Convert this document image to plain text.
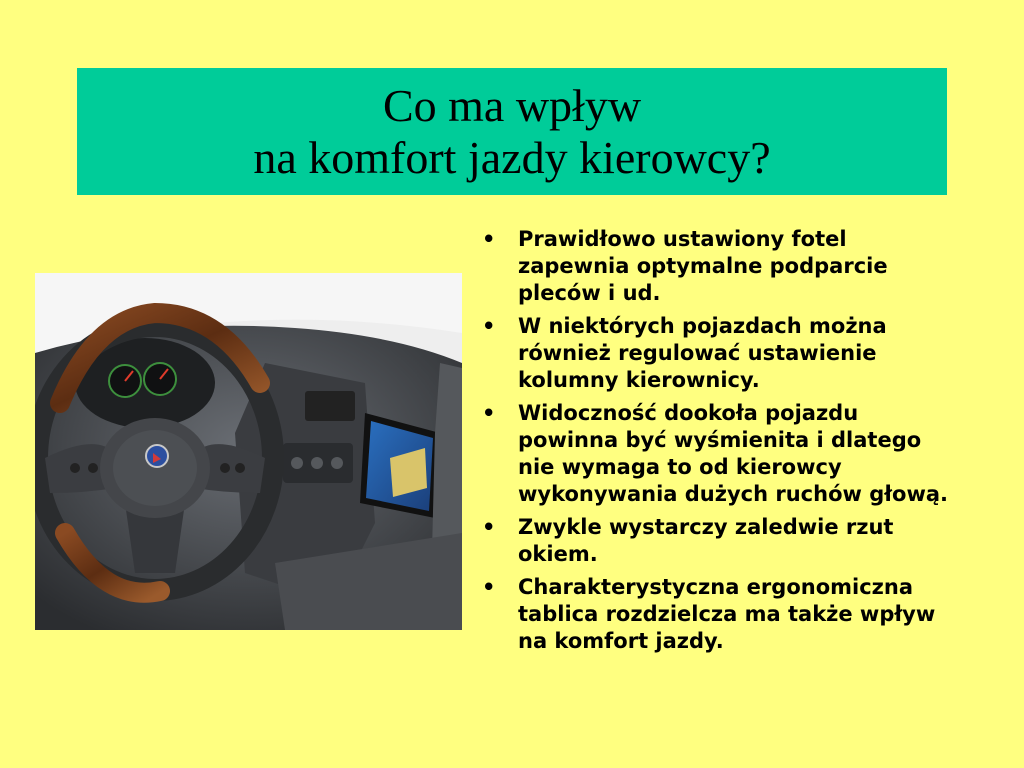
Co ma wpływ
na komfort jazdy kierowcy?
• Prawidłowo ustawiony fotel zapewnia optymalne podparcie pleców i ud.
• W niektórych pojazdach można również regulować ustawienie kolumny kierownicy.
• Widoczność dookoła pojazdu powinna być wyśmienita i dlatego nie wymaga to od kierowcy wykonywania dużych ruchów głową.
• Zwykle wystarczy zaledwie rzut okiem.
• Charakterystyczna ergonomiczna tablica rozdzielcza ma także wpływ na komfort jazdy.
